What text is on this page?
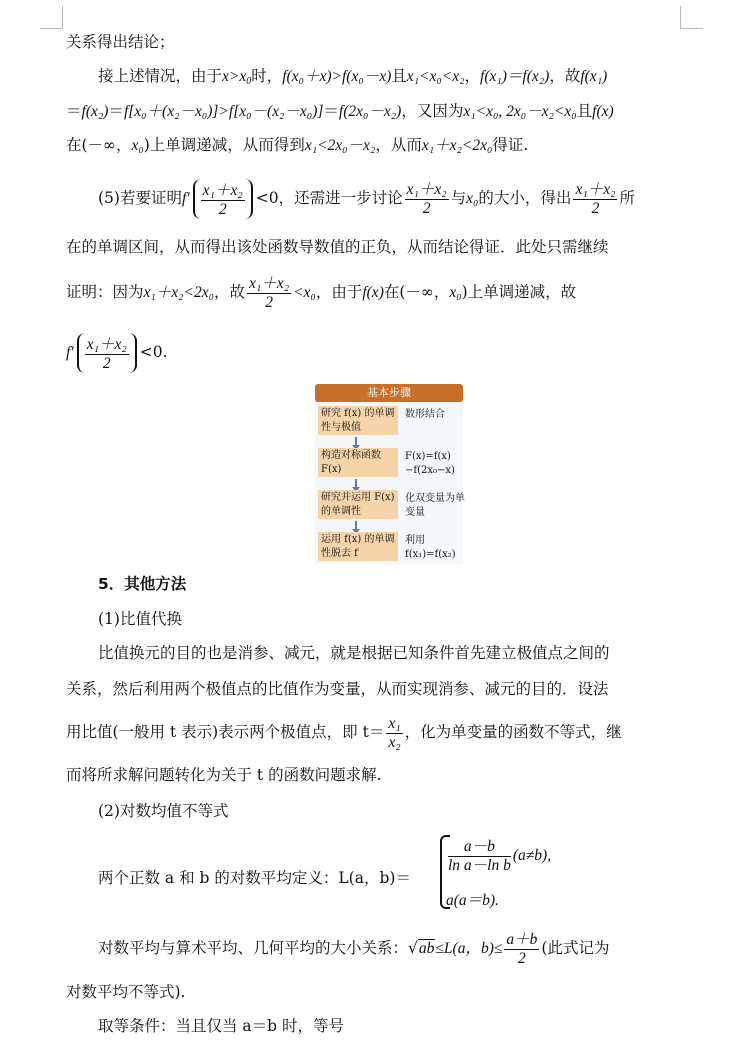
关系得出结论；
接上述情况，由于$x>x_0$时，f(x₀＋x)>f(x₀－x)且x₁<x₀<x₂，f(x₁)＝f(x₂)，故f(x₁)
＝f(x₂)＝f[x₀＋(x₂－x₀)]>f[x₀－(x₂－x₀)]＝f(2x₀－x₂)，又因为x₁<x₀, 2x₀－x₂<x₀且f(x)
在(－∞，x₀)上单调递减，从而得到x₁<2x₀－x₂，从而x₁＋x₂<2x₀得证.
(5)若要证明$f' \frac{\text{x₁＋x₂}}{2} <0$，还需进一步讨论 $\frac{\text{x₁＋x₂}}{2}$ 与x₀的大小，得出 $\frac{\text{x₁＋x₂}}{2}$ 所
在的单调区间，从而得出该处函数导数值的正负，从而结论得证．此处只需继续
证明：因为x₁＋x₂<2x₀，故 $\frac{\text{x₁＋x₂}}{2} <x_0$，由于f(x)在(－∞，x₀)上单调递减，故
$f' \frac{\text{x₁＋x₂}}{2} <0$.
基本步骤
研究 f(x) 的单调性与极值
数形结合
构造对称函数 F(x)
F(x)=f(x)−f(2x₀−x)
研究并运用 F(x) 的单调性
化双变量为单变量
运用 f(x) 的单调性脱去 f
利用 f(x₁)=f(x₂)
5．其他方法
(1)比值代换
比值换元的目的也是消参、减元，就是根据已知条件首先建立极值点之间的
关系，然后利用两个极值点的比值作为变量，从而实现消参、减元的目的．设法
用比值(一般用 t 表示)表示两个极值点，即 $t= \frac{\text{x₁}}{\text{x₂}}$ ，化为单变量的函数不等式，继
而将所求解问题转化为关于 t 的函数问题求解.
(2)对数均值不等式
两个正数 a 和 b 的对数平均定义：L(a，b)＝
$\frac{a-b}{\text{ln a－ln b}} (a\ne b)$,
a(a＝b).
对数平均与算术平均、几何平均的大小关系：√ab≤L(a，$b)\le \frac{a+b}{2}$ (此式记为
对数平均不等式).
取等条件：当且仅当 a＝b 时，等号
